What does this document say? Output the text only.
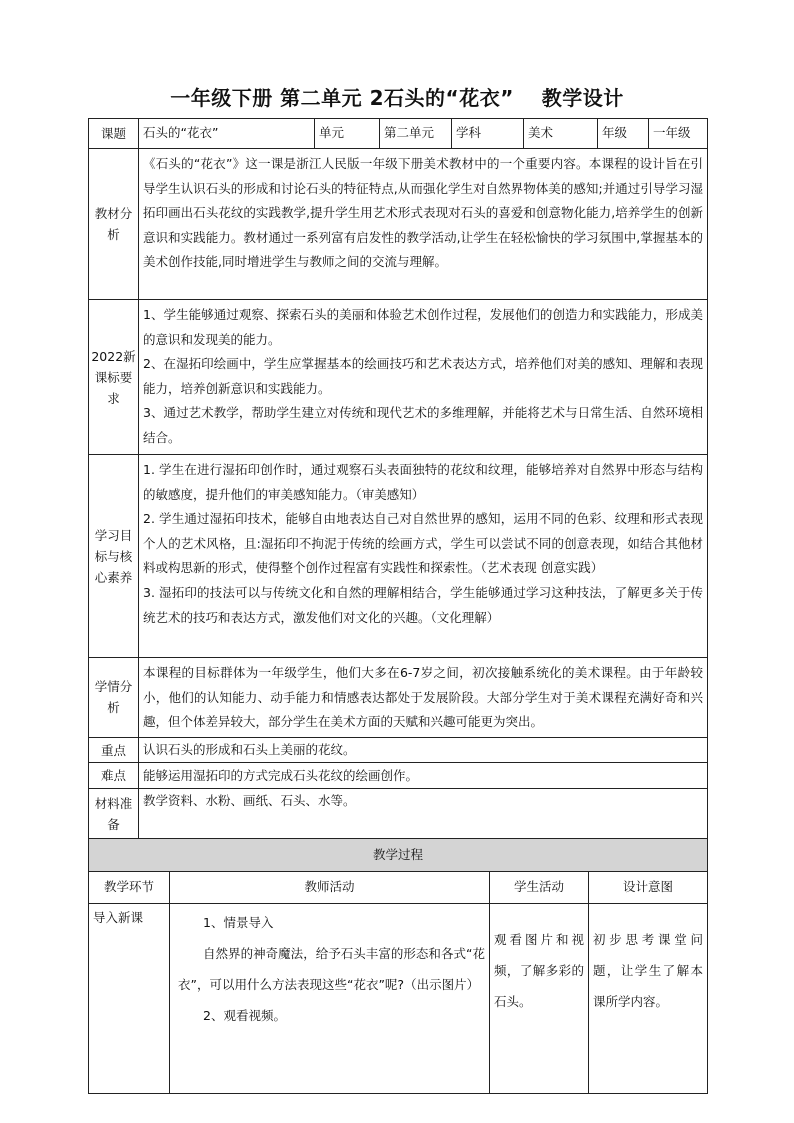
一年级下册 第二单元 2石头的“花衣”　 教学设计
课题	石头的“花衣”	单元	第二单元	学科	美术	年级	一年级
教材分析	《石头的“花衣”》这一课是浙江人民版一年级下册美术教材中的一个重要内容。本课程的设计旨在引导学生认识石头的形成和讨论石头的特征特点,从而强化学生对自然界物体美的感知;并通过引导学习湿拓印画出石头花纹的实践教学,提升学生用艺术形式表现对石头的喜爱和创意物化能力,培养学生的创新意识和实践能力。教材通过一系列富有启发性的教学活动,让学生在轻松愉快的学习氛围中,掌握基本的美术创作技能,同时增进学生与教师之间的交流与理解。						

2022新课标要求	1、学生能够通过观察、探索石头的美丽和体验艺术创作过程，发展他们的创造力和实践能力，形成美的意识和发现美的能力。

2、在湿拓印绘画中，学生应掌握基本的绘画技巧和艺术表达方式，培养他们对美的感知、理解和表现能力，培养创新意识和实践能力。

3、通过艺术教学，帮助学生建立对传统和现代艺术的多维理解，并能将艺术与日常生活、自然环境相结合。						

学习目标与核心素养	1. 学生在进行湿拓印创作时，通过观察石头表面独特的花纹和纹理，能够培养对自然界中形态与结构的敏感度，提升他们的审美感知能力。（审美感知）

2. 学生通过湿拓印技术，能够自由地表达自己对自然世界的感知，运用不同的色彩、纹理和形式表现个人的艺术风格，且:湿拓印不拘泥于传统的绘画方式，学生可以尝试不同的创意表现，如结合其他材料或构思新的形式，使得整个创作过程富有实践性和探索性。（艺术表现 创意实践）

3. 湿拓印的技法可以与传统文化和自然的理解相结合，学生能够通过学习这种技法，了解更多关于传统艺术的技巧和表达方式，激发他们对文化的兴趣。（文化理解）						

学情分析	本课程的目标群体为一年级学生，他们大多在6-7岁之间，初次接触系统化的美术课程。由于年龄较小，他们的认知能力、动手能力和情感表达都处于发展阶段。大部分学生对于美术课程充满好奇和兴趣，但个体差异较大，部分学生在美术方面的天赋和兴趣可能更为突出。						

重点	认识石头的形成和石头上美丽的花纹。						
难点	能够运用湿拓印的方式完成石头花纹的绘画创作。						
材料准备	教学资料、水粉、画纸、石头、水等。						
教学过程			
教学环节	教师活动	学生活动	设计意图
导入新课	1、情景导入

自然界的神奇魔法，给予石头丰富的形态和各式“花衣”，可以用什么方法表现这些“花衣”呢?（出示图片）

2、观看视频。	观看图片和视频，了解多彩的石头。	初步思考课堂问题，让学生了解本课所学内容。
